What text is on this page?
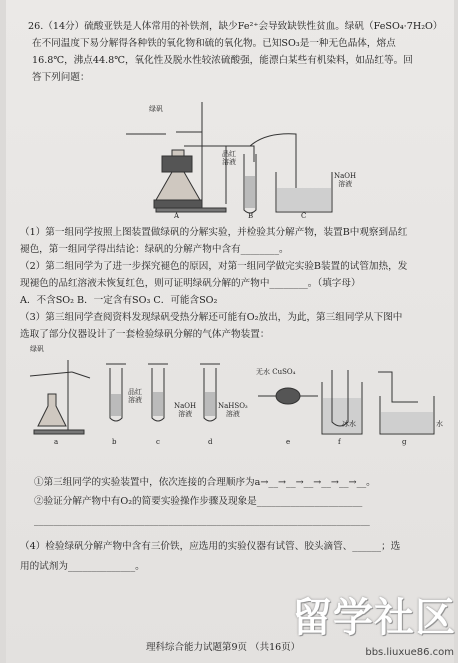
26.（14分）硫酸亚铁是人体常用的补铁剂，缺少Fe²⁺会导致缺铁性贫血。绿矾（FeSO₄·7H₂O）
在不同温度下易分解得各种铁的氧化物和硫的氧化物。已知SO₃是一种无色晶体，熔点
16.8℃，沸点44.8℃，氧化性及脱水性较浓硫酸强，能漂白某些有机染料，如品红等。回
答下列问题：
绿矾
品红
溶液
NaOH
溶液
A	B	C
（1）第一组同学按照上图装置做绿矾的分解实验，并检验其分解产物，装置B中观察到品红
褪色，第一组同学得出结论：绿矾的分解产物中含有________。
（2）第二组同学为了进一步探究褪色的原因，对第一组同学做完实验B装置的试管加热，发
现褪色的品红溶液未恢复红色，则可证明绿矾分解的产物中________。（填字母）
A．不含SO₂ B．一定含有SO₃ C．可能含SO₂
（3）第三组同学查阅资料发现绿矾受热分解还可能有O₂放出，为此，第三组同学从下图中
选取了部分仪器设计了一套检验绿矾分解的气体产物装置：
绿矾
品红
溶液
NaOH
溶液
NaHSO₃
溶液
无水 CuSO₄
冰水	水
a	b	c	d	e	f	g
①第三组同学的实验装置中，依次连接的合理顺序为a→__→__→__→__→__→__。
②验证分解产物中有O₂的简要实验操作步骤及现象是______________________
______________________________________________________________________
（4）检验绿矾分解产物中含有三价铁，应选用的实验仪器有试管、胶头滴管、______；选
用的试剂为______________。
理科综合能力试题第9页 （共16页）
留学社区
bbs.liuxue86.com
